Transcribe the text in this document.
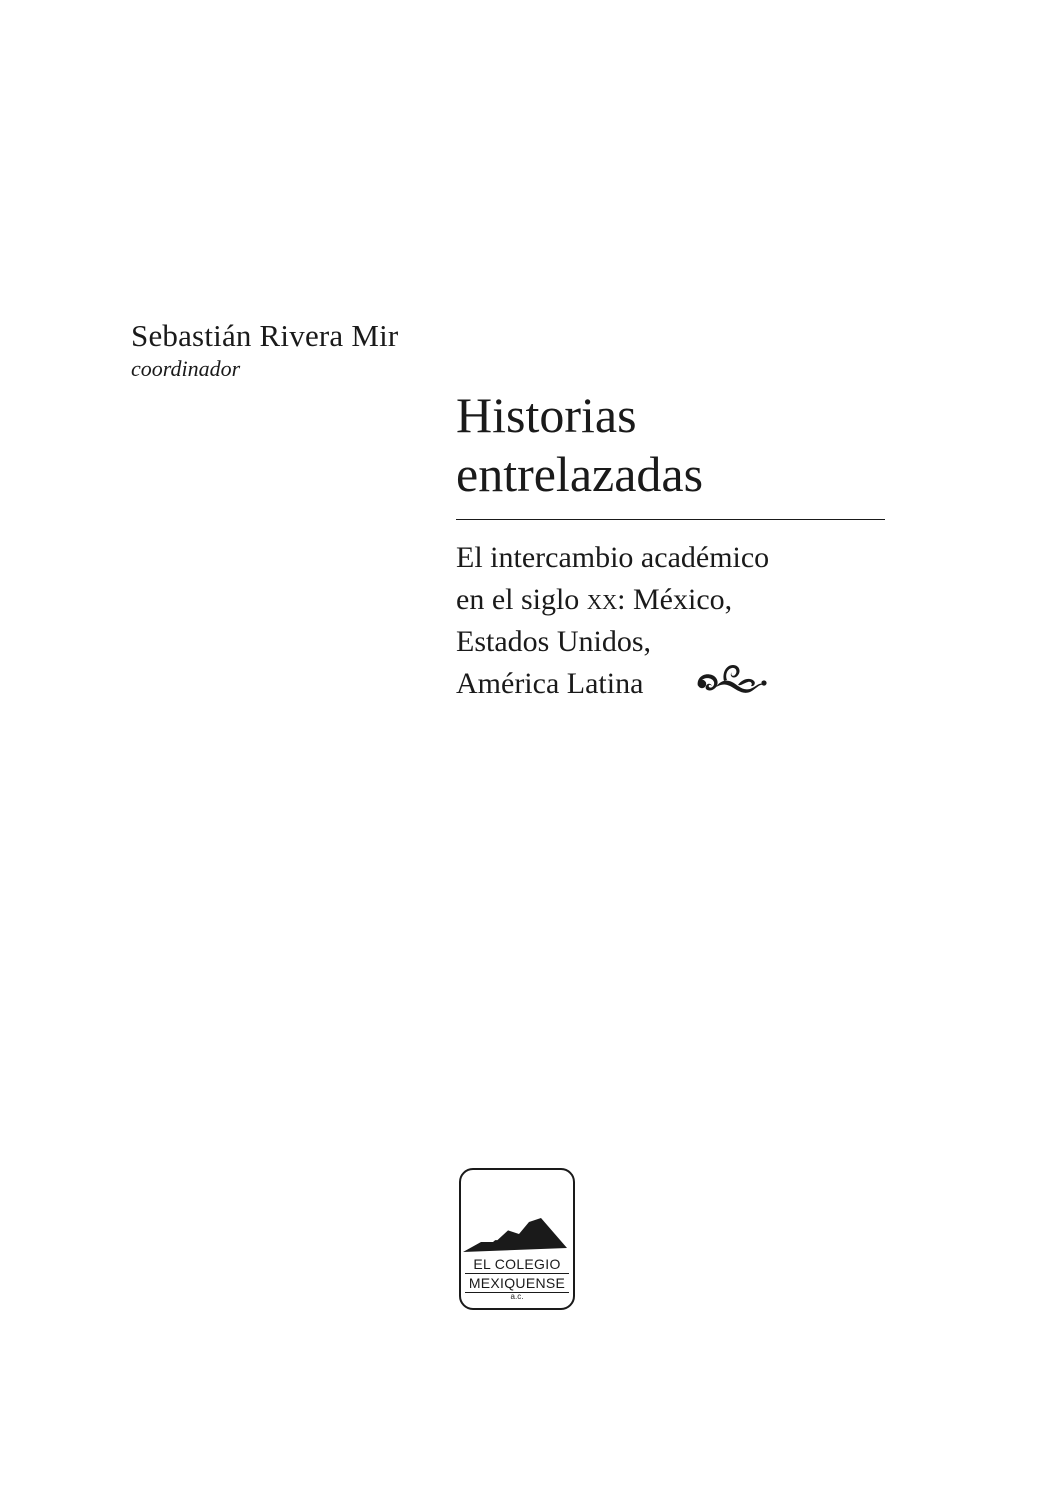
Sebastián Rivera Mir
coordinador
Historias
entrelazadas
El intercambio académico
en el siglo xx: México,
Estados Unidos,
América Latina
EL COLEGIO
MEXIQUENSE
a.c.
